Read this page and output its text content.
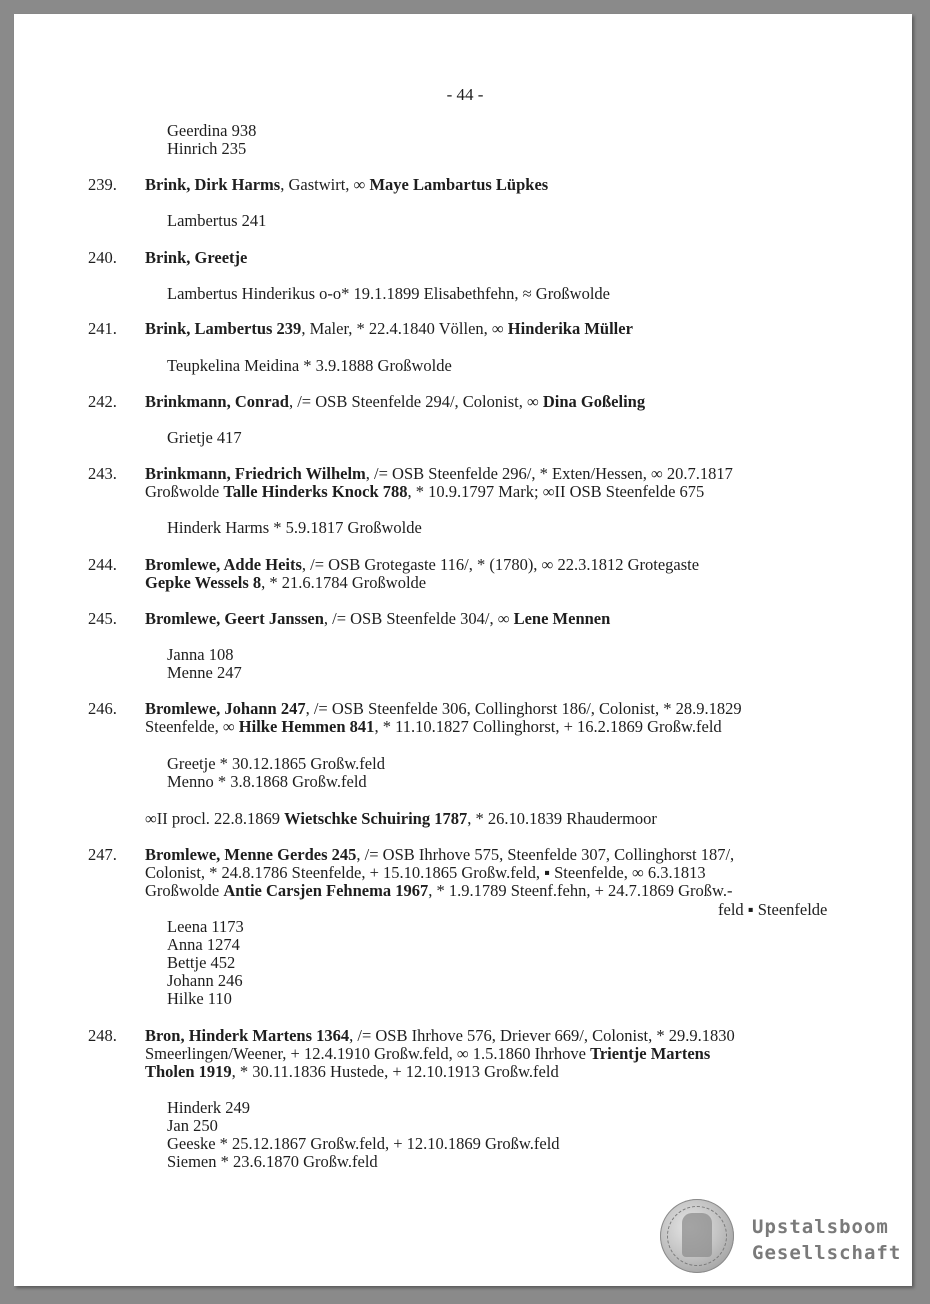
- 44 -
Geerdina 938
Hinrich 235
239. Brink, Dirk Harms, Gastwirt, ∞ Maye Lambartus Lüpkes
Lambertus 241
240. Brink, Greetje
Lambertus Hinderikus o-o* 19.1.1899 Elisabethfehn, ≈ Großwolde
241. Brink, Lambertus 239, Maler, * 22.4.1840 Völlen, ∞ Hinderika Müller
Teupkelina Meidina * 3.9.1888 Großwolde
242. Brinkmann, Conrad, /= OSB Steenfelde 294/, Colonist, ∞ Dina Goßeling
Grietje 417
243. Brinkmann, Friedrich Wilhelm, /= OSB Steenfelde 296/, * Exten/Hessen, ∞ 20.7.1817
Großwolde Talle Hinderks Knock 788, * 10.9.1797 Mark; ∞II OSB Steenfelde 675
Hinderk Harms * 5.9.1817 Großwolde
244. Bromlewe, Adde Heits, /= OSB Grotegaste 116/, * (1780), ∞ 22.3.1812 Grotegaste
Gepke Wessels 8, * 21.6.1784 Großwolde
245. Bromlewe, Geert Janssen, /= OSB Steenfelde 304/, ∞ Lene Mennen
Janna 108
Menne 247
246. Bromlewe, Johann 247, /= OSB Steenfelde 306, Collinghorst 186/, Colonist, * 28.9.1829
Steenfelde, ∞ Hilke Hemmen 841, * 11.10.1827 Collinghorst, + 16.2.1869 Großw.feld
Greetje * 30.12.1865 Großw.feld
Menno * 3.8.1868 Großw.feld
∞II procl. 22.8.1869 Wietschke Schuiring 1787, * 26.10.1839 Rhaudermoor
247. Bromlewe, Menne Gerdes 245, /= OSB Ihrhove 575, Steenfelde 307, Collinghorst 187/,
Colonist, * 24.8.1786 Steenfelde, + 15.10.1865 Großw.feld, ▪ Steenfelde, ∞ 6.3.1813
Großwolde Antie Carsjen Fehnema 1967, * 1.9.1789 Steenf.fehn, + 24.7.1869 Großw.-
feld ▪ Steenfelde
Leena 1173
Anna 1274
Bettje 452
Johann 246
Hilke 110
248. Bron, Hinderk Martens 1364, /= OSB Ihrhove 576, Driever 669/, Colonist, * 29.9.1830
Smeerlingen/Weener, + 12.4.1910 Großw.feld, ∞ 1.5.1860 Ihrhove Trientje Martens
Tholen 1919, * 30.11.1836 Hustede, + 12.10.1913 Großw.feld
Hinderk 249
Jan 250
Geeske * 25.12.1867 Großw.feld, + 12.10.1869 Großw.feld
Siemen * 23.6.1870 Großw.feld
Upstalsboom
Gesellschaft
